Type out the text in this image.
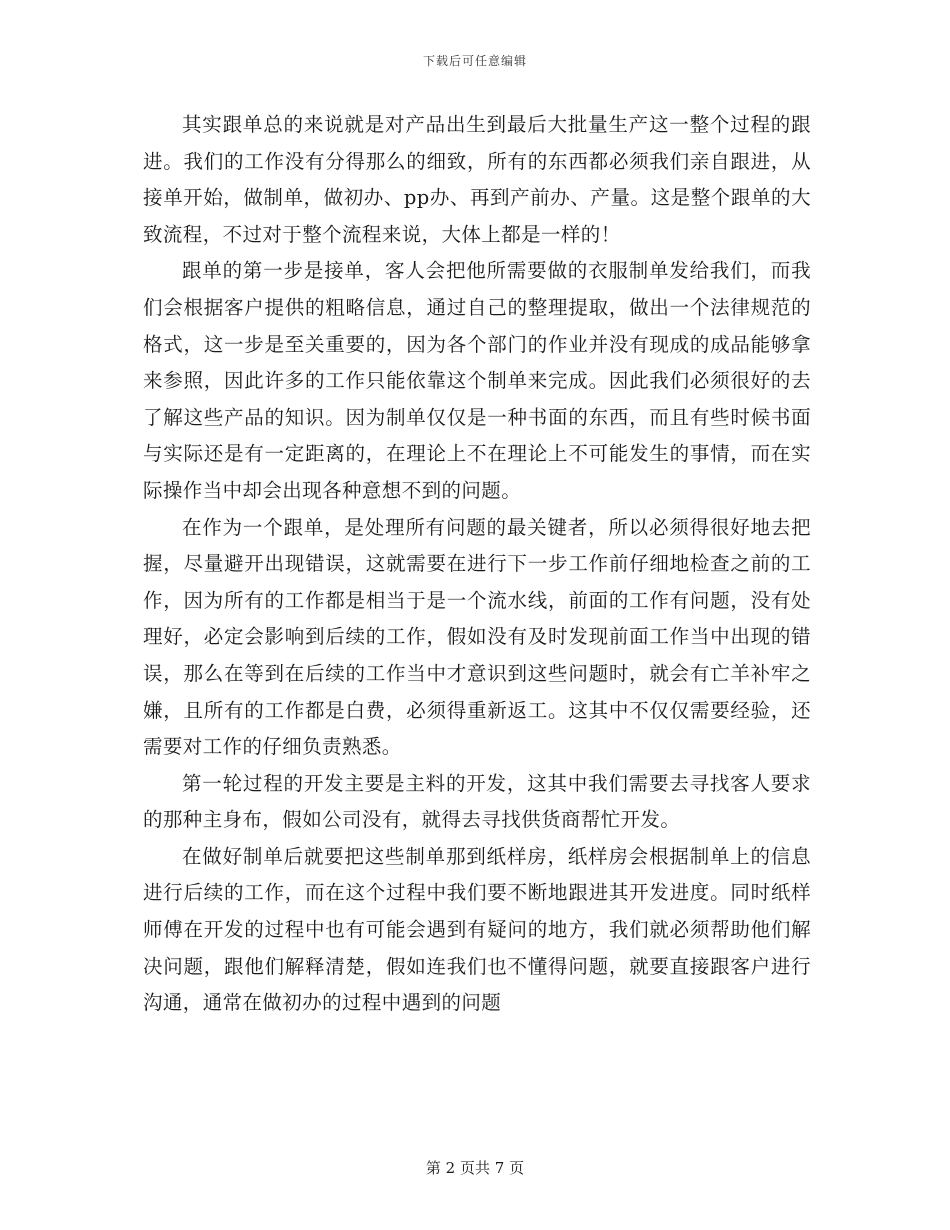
下载后可任意编辑

其实跟单总的来说就是对产品出生到最后大批量生产这一整个过程的跟进。我们的工作没有分得那么的细致，所有的东西都必须我们亲自跟进，从接单开始，做制单，做初办、pp办、再到产前办、产量。这是整个跟单的大致流程，不过对于整个流程来说，大体上都是一样的！

跟单的第一步是接单，客人会把他所需要做的衣服制单发给我们，而我们会根据客户提供的粗略信息，通过自己的整理提取，做出一个法律规范的格式，这一步是至关重要的，因为各个部门的作业并没有现成的成品能够拿来参照，因此许多的工作只能依靠这个制单来完成。因此我们必须很好的去了解这些产品的知识。因为制单仅仅是一种书面的东西，而且有些时候书面与实际还是有一定距离的，在理论上不在理论上不可能发生的事情，而在实际操作当中却会出现各种意想不到的问题。

在作为一个跟单，是处理所有问题的最关键者，所以必须得很好地去把握，尽量避开出现错误，这就需要在进行下一步工作前仔细地检查之前的工作，因为所有的工作都是相当于是一个流水线，前面的工作有问题，没有处理好，必定会影响到后续的工作，假如没有及时发现前面工作当中出现的错误，那么在等到在后续的工作当中才意识到这些问题时，就会有亡羊补牢之嫌，且所有的工作都是白费，必须得重新返工。这其中不仅仅需要经验，还需要对工作的仔细负责熟悉。

第一轮过程的开发主要是主料的开发，这其中我们需要去寻找客人要求的那种主身布，假如公司没有，就得去寻找供货商帮忙开发。

在做好制单后就要把这些制单那到纸样房，纸样房会根据制单上的信息进行后续的工作，而在这个过程中我们要不断地跟进其开发进度。同时纸样师傅在开发的过程中也有可能会遇到有疑问的地方，我们就必须帮助他们解决问题，跟他们解释清楚，假如连我们也不懂得问题，就要直接跟客户进行沟通，通常在做初办的过程中遇到的问题

第 2 页共 7 页
